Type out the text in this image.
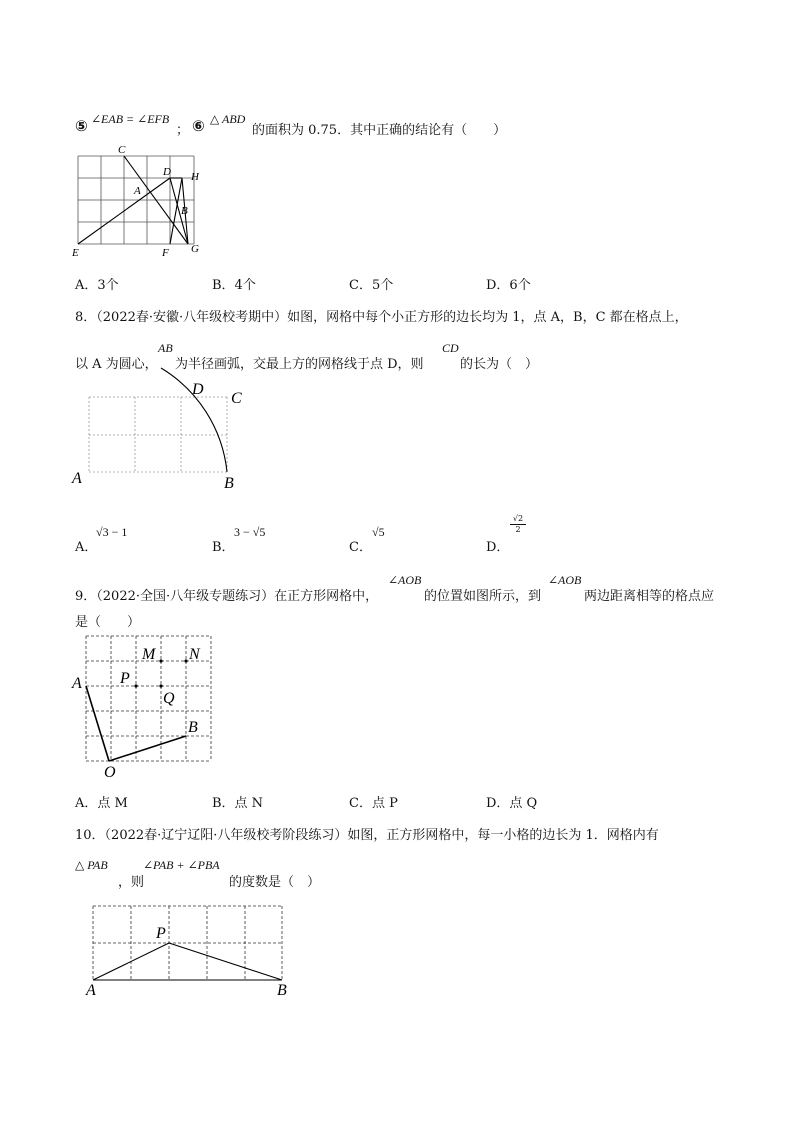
⑤ ∠EAB = ∠EFB
； ⑥ △ ABD
的面积为 0.75．其中正确的结论有（　　）
C
D H
A
B
E	F G
A．3个	B．4个	C．5个	D．6个
8．（2022春·安徽·八年级校考期中）如图，网格中每个小正方形的边长均为 1，点 A，B，C 都在格点上，
以 A 为圆心，
AB
为半径画弧，交最上方的网格线于点 D，则
CD
的长为（　）
D
C
A	B
A．
√3 − 1
B．
3 − √5
C．
√5
D．
$\frac{√2}{2}$
9．（2022·全国·八年级专题练习）在正方形网格中，
∠AOB
的位置如图所示，到
∠AOB
两边距离相等的格点应
是（　　）
M N
A P
Q
B
O
A．点 M	B．点 N	C．点 P	D．点 Q
10．（2022春·辽宁辽阳·八年级校考阶段练习）如图，正方形网格中，每一小格的边长为 1．网格内有
△ PAB
，则
∠PAB + ∠PBA
的度数是（　）
P
A	B
